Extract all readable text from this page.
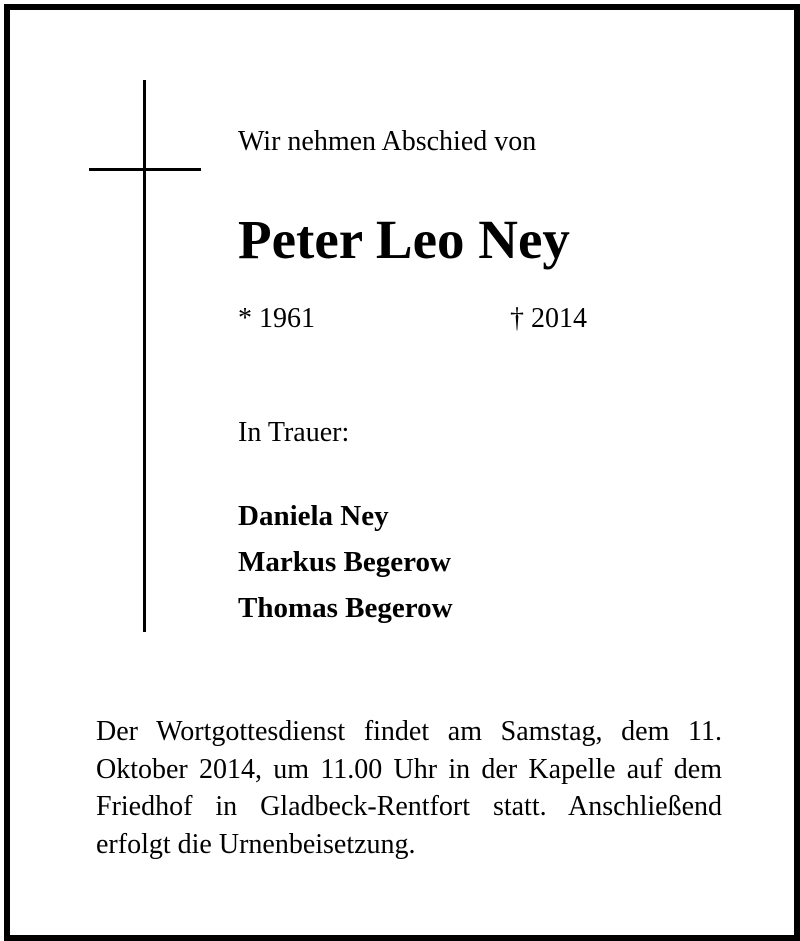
Wir nehmen Abschied von
Peter Leo Ney
* 1961	† 2014
In Trauer:
Daniela Ney
Markus Begerow
Thomas Begerow

Der Wortgottesdienst findet am Samstag, dem 11. Oktober 2014, um 11.00 Uhr in der Kapelle auf dem Friedhof in Gladbeck-Rentfort statt. Anschließend erfolgt die Urnenbeisetzung.
